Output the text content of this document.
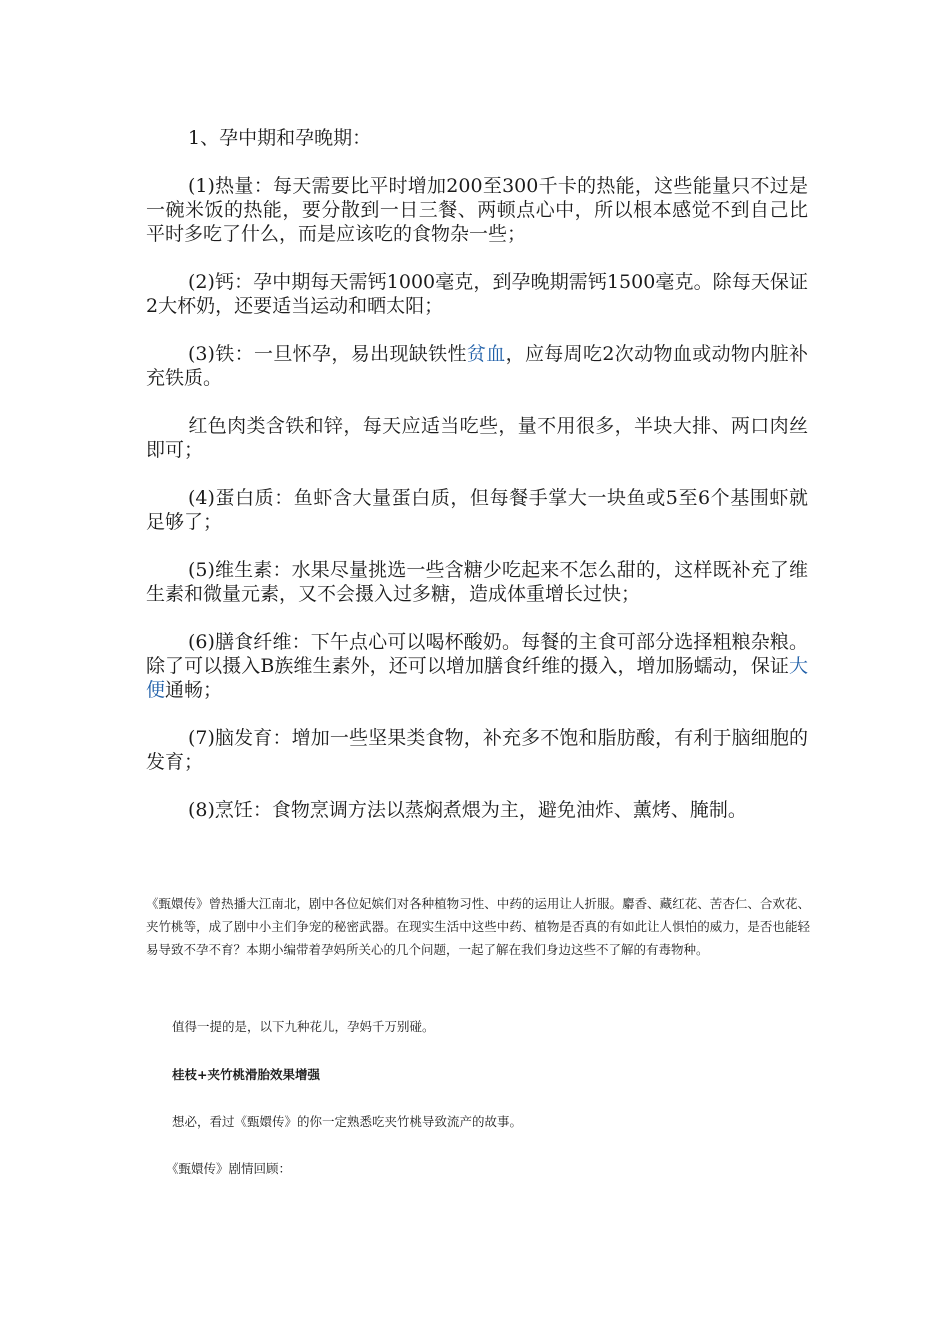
1、孕中期和孕晚期：

(1)热量：每天需要比平时增加200至300千卡的热能，这些能量只不过是一碗米饭的热能，要分散到一日三餐、两顿点心中，所以根本感觉不到自己比平时多吃了什么，而是应该吃的食物杂一些；

(2)钙：孕中期每天需钙1000毫克，到孕晚期需钙1500毫克。除每天保证2大杯奶，还要适当运动和晒太阳；

(3)铁：一旦怀孕，易出现缺铁性贫血，应每周吃2次动物血或动物内脏补充铁质。

红色肉类含铁和锌，每天应适当吃些，量不用很多，半块大排、两口肉丝即可；

(4)蛋白质：鱼虾含大量蛋白质，但每餐手掌大一块鱼或5至6个基围虾就足够了；

(5)维生素：水果尽量挑选一些含糖少吃起来不怎么甜的，这样既补充了维生素和微量元素，又不会摄入过多糖，造成体重增长过快；

(6)膳食纤维：下午点心可以喝杯酸奶。每餐的主食可部分选择粗粮杂粮。除了可以摄入B族维生素外，还可以增加膳食纤维的摄入，增加肠蠕动，保证大便通畅；

(7)脑发育：增加一些坚果类食物，补充多不饱和脂肪酸，有利于脑细胞的发育；

(8)烹饪：食物烹调方法以蒸焖煮煨为主，避免油炸、薰烤、腌制。

《甄嬛传》曾热播大江南北，剧中各位妃嫔们对各种植物习性、中药的运用让人折服。麝香、藏红花、苦杏仁、合欢花、夹竹桃等，成了剧中小主们争宠的秘密武器。在现实生活中这些中药、植物是否真的有如此让人惧怕的威力，是否也能轻易导致不孕不育？本期小编带着孕妈所关心的几个问题，一起了解在我们身边这些不了解的有毒物种。

值得一提的是，以下九种花儿，孕妈千万别碰。

桂枝+夹竹桃滑胎效果增强

想必，看过《甄嬛传》的你一定熟悉吃夹竹桃导致流产的故事。

《甄嬛传》剧情回顾：
